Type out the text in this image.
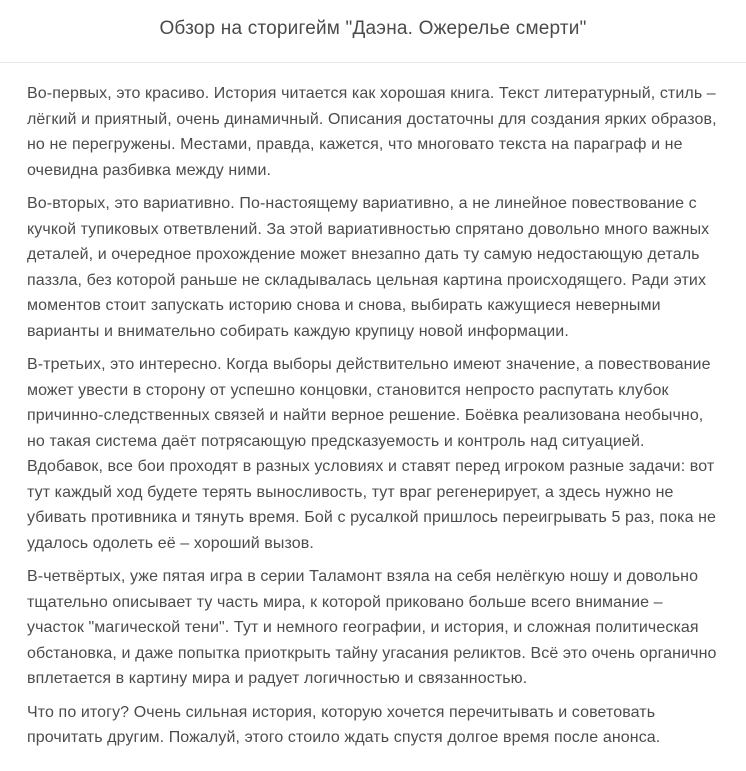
Обзор на сторигейм "Даэна. Ожерелье смерти"

Во-первых, это красиво. История читается как хорошая книга. Текст литературный, стиль – лёгкий и приятный, очень динамичный. Описания достаточны для создания ярких образов, но не перегружены. Местами, правда, кажется, что многовато текста на параграф и не очевидна разбивка между ними.

Во-вторых, это вариативно. По-настоящему вариативно, а не линейное повествование с кучкой тупиковых ответвлений. За этой вариативностью спрятано довольно много важных деталей, и очередное прохождение может внезапно дать ту самую недостающую деталь паззла, без которой раньше не складывалась цельная картина происходящего. Ради этих моментов стоит запускать историю снова и снова, выбирать кажущиеся неверными варианты и внимательно собирать каждую крупицу новой информации.

В-третьих, это интересно. Когда выборы действительно имеют значение, а повествование может увести в сторону от успешно концовки, становится непросто распутать клубок причинно-следственных связей и найти верное решение. Боёвка реализована необычно, но такая система даёт потрясающую предсказуемость и контроль над ситуацией. Вдобавок, все бои проходят в разных условиях и ставят перед игроком разные задачи: вот тут каждый ход будете терять выносливость, тут враг регенерирует, а здесь нужно не убивать противника и тянуть время. Бой с русалкой пришлось переигрывать 5 раз, пока не удалось одолеть её – хороший вызов.

В-четвёртых, уже пятая игра в серии Таламонт взяла на себя нелёгкую ношу и довольно тщательно описывает ту часть мира, к которой приковано больше всего внимание – участок "магической тени". Тут и немного географии, и история, и сложная политическая обстановка, и даже попытка приоткрыть тайну угасания реликтов. Всё это очень органично вплетается в картину мира и радует логичностью и связанностью.

Что по итогу? Очень сильная история, которую хочется перечитывать и советовать прочитать другим. Пожалуй, этого стоило ждать спустя долгое время после анонса.
